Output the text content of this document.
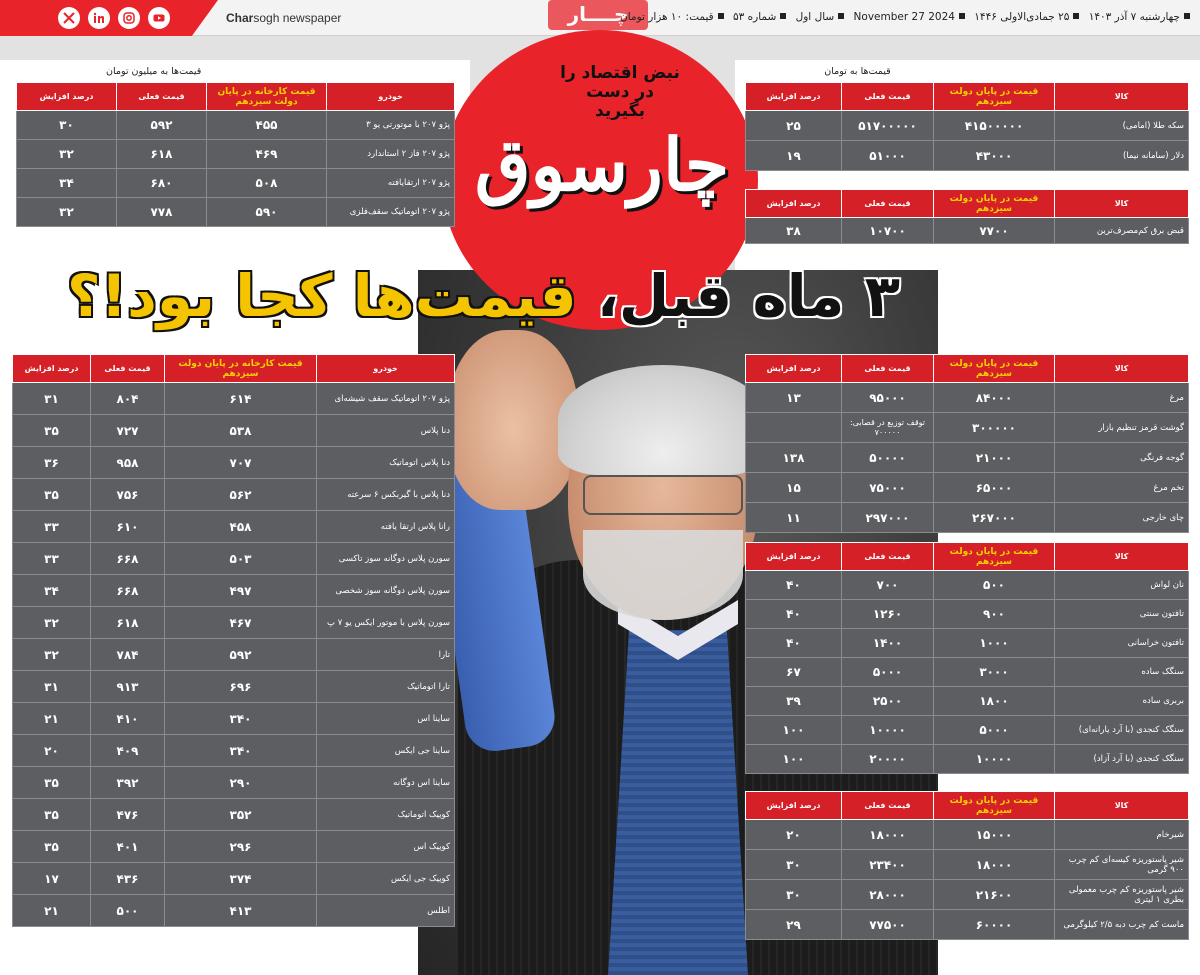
Charsogh newspaper	چــــار	چهارشنبه ۷ آذر ۱۴۰۳ ۲۵ جمادی‌الاولی ۱۴۴۶ 2024 November 27 سال اول شماره ۵۳ قیمت: ۱۰ هزار تومان
نبض اقتصاد را در دست بگیرید
چارسوق
۳ ماه قبل، قیمت‌ها کجا بود!؟
قیمت‌ها به میلیون تومان	قیمت‌ها به تومان
خودرو	قیمت کارخانه در پایان دولت سیزدهم	قیمت فعلی	درصد افزایش
پژو ۲۰۷ با موتورتی یو ۳	۴۵۵	۵۹۲	۳۰
پژو ۲۰۷ فاز ۲ استاندارد	۴۶۹	۶۱۸	۳۲
پژو ۲۰۷ ارتقایافته	۵۰۸	۶۸۰	۳۴
پژو ۲۰۷ اتوماتیک سقف‌فلزی	۵۹۰	۷۷۸	۳۲
خودرو	قیمت کارخانه در پایان دولت سیزدهم	قیمت فعلی	درصد افزایش
پژو ۲۰۷ اتوماتیک سقف شیشه‌ای	۶۱۴	۸۰۴	۳۱
دنا پلاس	۵۳۸	۷۲۷	۳۵
دنا پلاس اتوماتیک	۷۰۷	۹۵۸	۳۶
دنا پلاس با گیربکس ۶ سرعته	۵۶۲	۷۵۶	۳۵
رانا پلاس ارتقا یافته	۴۵۸	۶۱۰	۳۳
سورن پلاس دوگانه سوز تاکسی	۵۰۳	۶۶۸	۳۳
سورن پلاس دوگانه سوز شخصی	۴۹۷	۶۶۸	۳۴
سورن پلاس با موتور ایکس یو ۷ پ	۴۶۷	۶۱۸	۳۲
تارا	۵۹۲	۷۸۴	۳۲
تارا اتوماتیک	۶۹۶	۹۱۳	۳۱
ساینا اس	۳۴۰	۴۱۰	۲۱
ساینا جی ایکس	۳۴۰	۴۰۹	۲۰
ساینا اس دوگانه	۲۹۰	۳۹۲	۳۵
کوییک اتوماتیک	۳۵۲	۴۷۶	۳۵
کوییک اس	۲۹۶	۴۰۱	۳۵
کوییک جی ایکس	۳۷۴	۴۳۶	۱۷
اطلس	۴۱۳	۵۰۰	۲۱
کالا	قیمت در پایان دولت سیزدهم	قیمت فعلی	درصد افزایش
سکه طلا (امامی)	۴۱۵۰۰۰۰۰	۵۱۷۰۰۰۰۰	۲۵
دلار (سامانه نیما)	۴۳۰۰۰	۵۱۰۰۰	۱۹
کالا	قیمت در پایان دولت سیزدهم	قیمت فعلی	درصد افزایش
قبض برق کم‌مصرف‌ترین	۷۷۰۰	۱۰۷۰۰	۳۸
کالا	قیمت در پایان دولت سیزدهم	قیمت فعلی	درصد افزایش
مرغ	۸۴۰۰۰	۹۵۰۰۰	۱۳
گوشت قرمز تنظیم بازار	۳۰۰۰۰۰	توقف توزیع در قصابی: ۷۰۰۰۰۰	
گوجه فرنگی	۲۱۰۰۰	۵۰۰۰۰	۱۳۸
تخم مرغ	۶۵۰۰۰	۷۵۰۰۰	۱۵
چای خارجی	۲۶۷۰۰۰	۲۹۷۰۰۰	۱۱
کالا	قیمت در پایان دولت سیزدهم	قیمت فعلی	درصد افزایش
نان لواش	۵۰۰	۷۰۰	۴۰
تافتون سنتی	۹۰۰	۱۲۶۰	۴۰
تافتون خراسانی	۱۰۰۰	۱۴۰۰	۴۰
سنگک ساده	۳۰۰۰	۵۰۰۰	۶۷
بربری ساده	۱۸۰۰	۲۵۰۰	۳۹
سنگک کنجدی (با آرد یارانه‌ای)	۵۰۰۰	۱۰۰۰۰	۱۰۰
سنگک کنجدی (با آرد آزاد)	۱۰۰۰۰	۲۰۰۰۰	۱۰۰
کالا	قیمت در پایان دولت سیزدهم	قیمت فعلی	درصد افزایش
شیرخام	۱۵۰۰۰	۱۸۰۰۰	۲۰
شیر پاستوریزه کیسه‌ای کم چرب ۹۰۰ گرمی	۱۸۰۰۰	۲۳۴۰۰	۳۰
شیر پاستوریزه کم چرب معمولی بطری ۱ لیتری	۲۱۶۰۰	۲۸۰۰۰	۳۰
ماست کم چرب دبه ۲/۵ کیلوگرمی	۶۰۰۰۰	۷۷۵۰۰	۲۹
